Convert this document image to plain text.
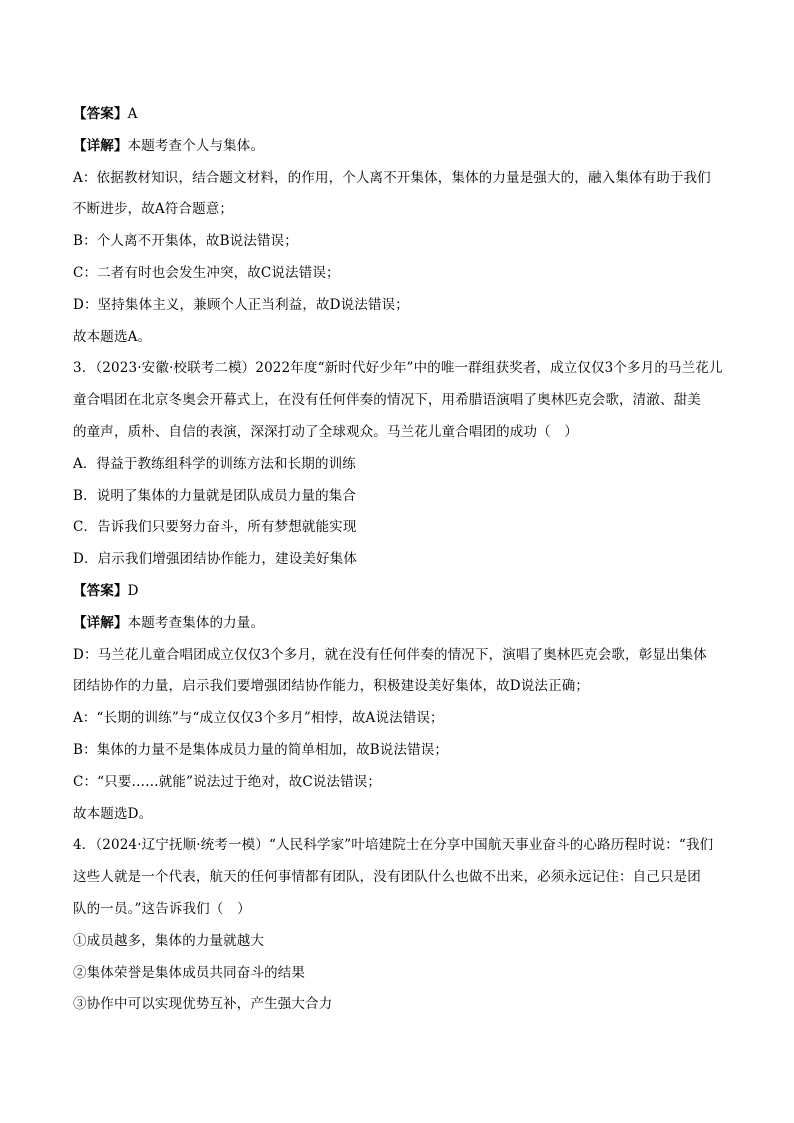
【答案】A
【详解】本题考查个人与集体。
A：依据教材知识，结合题文材料，的作用，个人离不开集体，集体的力量是强大的，融入集体有助于我们
不断进步，故A符合题意；
B：个人离不开集体，故B说法错误；
C：二者有时也会发生冲突，故C说法错误；
D：坚持集体主义，兼顾个人正当利益，故D说法错误；
故本题选A。
3．（2023·安徽·校联考二模）2022年度“新时代好少年”中的唯一群组获奖者，成立仅仅3个多月的马兰花儿
童合唱团在北京冬奥会开幕式上，在没有任何伴奏的情况下，用希腊语演唱了奥林匹克会歌，清澈、甜美
的童声，质朴、自信的表演，深深打动了全球观众。马兰花儿童合唱团的成功（　）
A．得益于教练组科学的训练方法和长期的训练
B．说明了集体的力量就是团队成员力量的集合
C．告诉我们只要努力奋斗，所有梦想就能实现
D．启示我们增强团结协作能力，建设美好集体
【答案】D
【详解】本题考查集体的力量。
D：马兰花儿童合唱团成立仅仅3个多月，就在没有任何伴奏的情况下，演唱了奥林匹克会歌，彰显出集体
团结协作的力量，启示我们要增强团结协作能力，积极建设美好集体，故D说法正确；
A：“长期的训练”与“成立仅仅3个多月”相悖，故A说法错误；
B：集体的力量不是集体成员力量的简单相加，故B说法错误；
C：“只要……就能”说法过于绝对，故C说法错误；
故本题选D。
4．（2024·辽宁抚顺·统考一模）“人民科学家”叶培建院士在分享中国航天事业奋斗的心路历程时说：“我们
这些人就是一个代表，航天的任何事情都有团队，没有团队什么也做不出来，必须永远记住：自己只是团
队的一员。”这告诉我们（　）
①成员越多，集体的力量就越大
②集体荣誉是集体成员共同奋斗的结果
③协作中可以实现优势互补，产生强大合力
